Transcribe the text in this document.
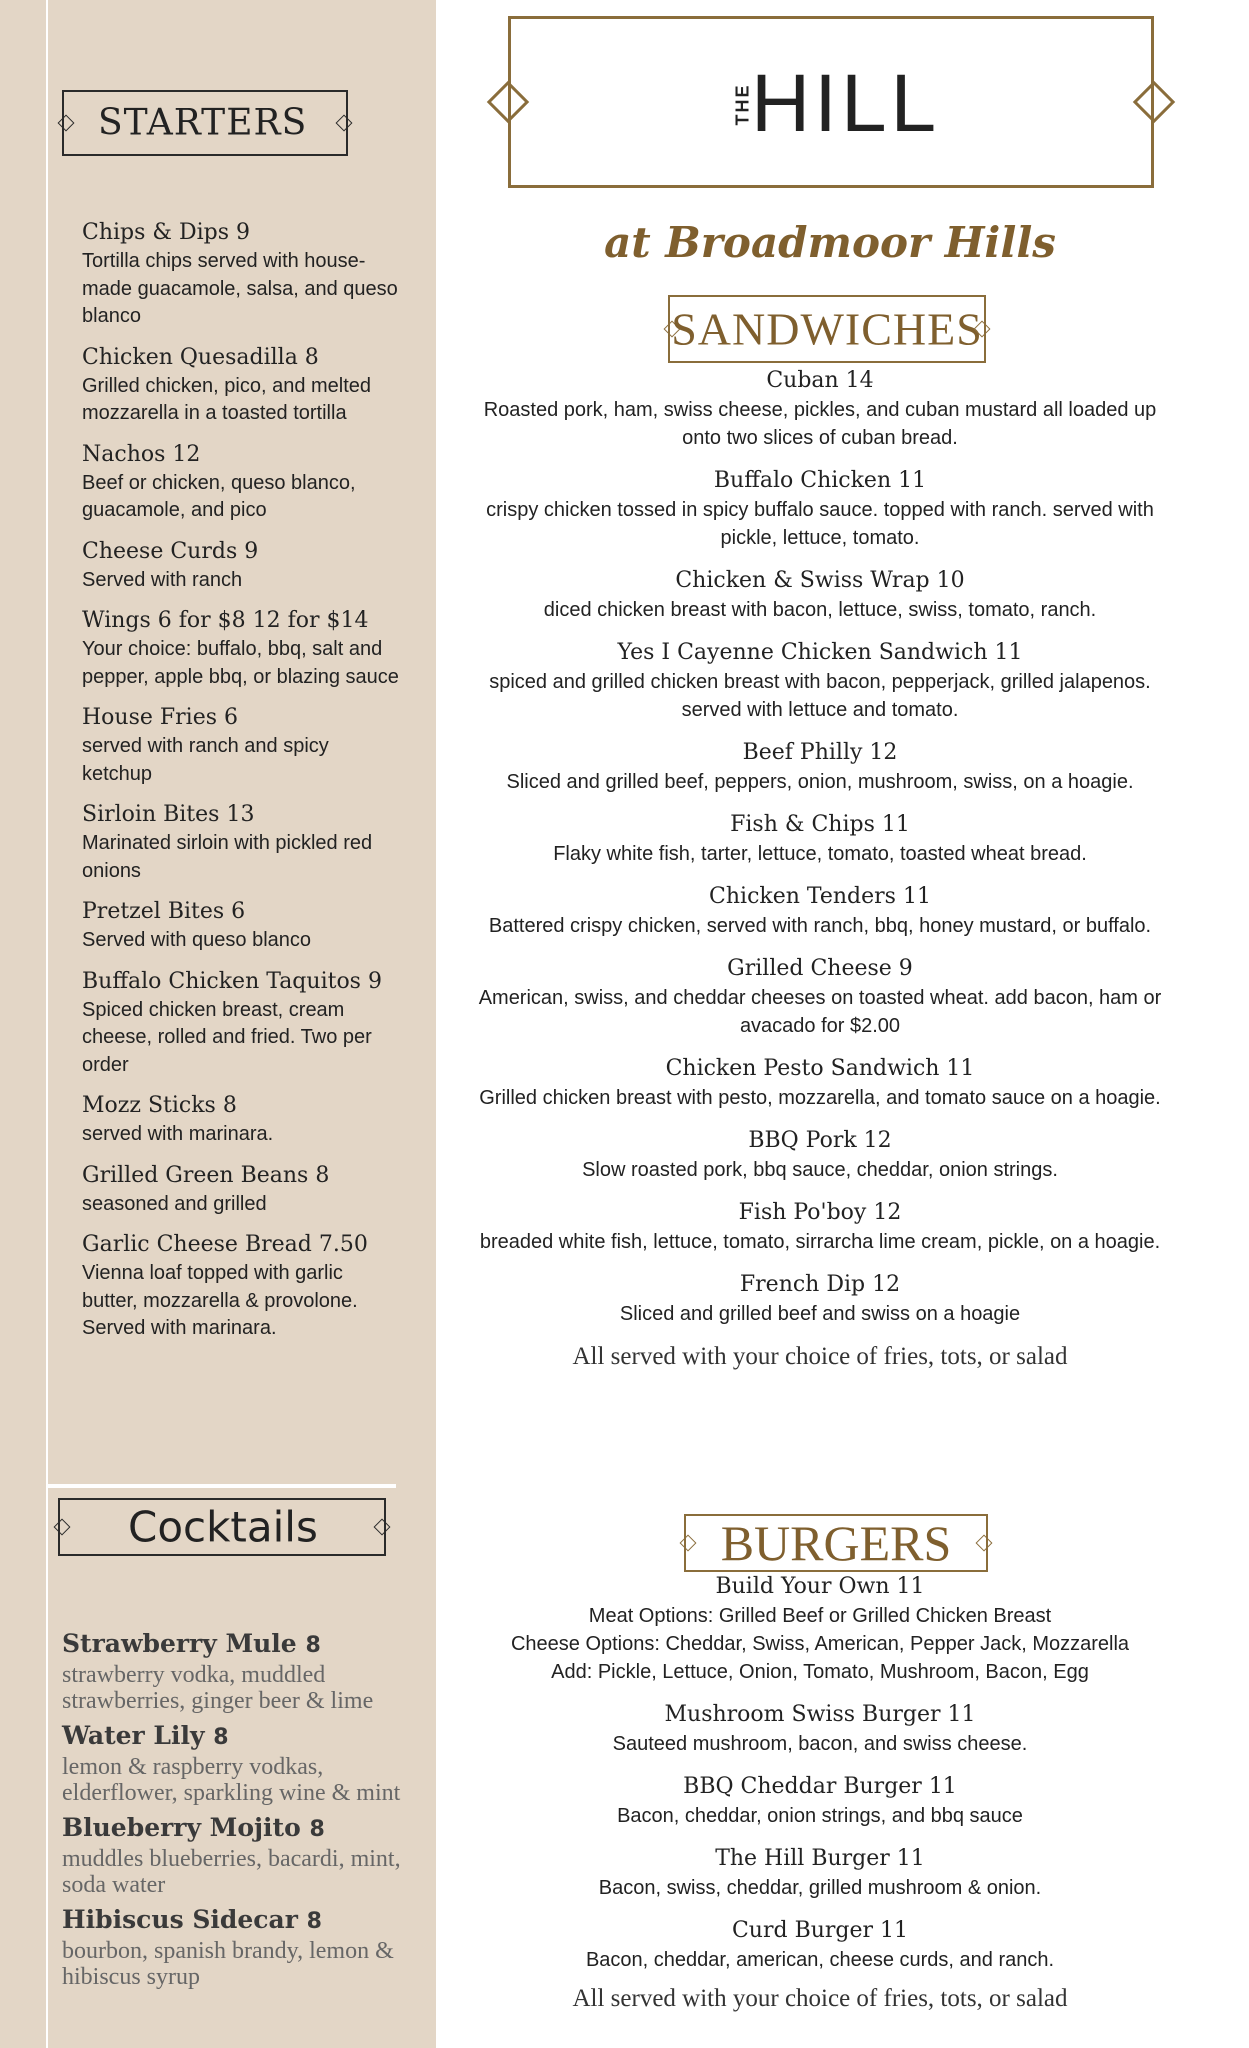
STARTERS
Chips & Dips 9
Tortilla chips served with house-made guacamole, salsa, and queso blanco
Chicken Quesadilla 8
Grilled chicken, pico, and melted mozzarella in a toasted tortilla
Nachos 12
Beef or chicken, queso blanco, guacamole, and pico
Cheese Curds 9
Served with ranch
Wings 6 for $8 12 for $14
Your choice: buffalo, bbq, salt and pepper, apple bbq, or blazing sauce
House Fries 6
served with ranch and spicy ketchup
Sirloin Bites 13
Marinated sirloin with pickled red onions
Pretzel Bites 6
Served with queso blanco
Buffalo Chicken Taquitos 9
Spiced chicken breast, cream cheese, rolled and fried. Two per order
Mozz Sticks 8
served with marinara.
Grilled Green Beans 8
seasoned and grilled
Garlic Cheese Bread 7.50
Vienna loaf topped with garlic butter, mozzarella & provolone. Served with marinara.
Cocktails
Strawberry Mule 8
strawberry vodka, muddled strawberries, ginger beer & lime
Water Lily 8
lemon & raspberry vodkas, elderflower, sparkling wine & mint
Blueberry Mojito 8
muddles blueberries, bacardi, mint, soda water
Hibiscus Sidecar 8
bourbon, spanish brandy, lemon & hibiscus syrup
THE HILL
at Broadmoor Hills
SANDWICHES
Cuban 14
Roasted pork, ham, swiss cheese, pickles, and cuban mustard all loaded up onto two slices of cuban bread.
Buffalo Chicken 11
crispy chicken tossed in spicy buffalo sauce. topped with ranch. served with pickle, lettuce, tomato.
Chicken & Swiss Wrap 10
diced chicken breast with bacon, lettuce, swiss, tomato, ranch.
Yes I Cayenne Chicken Sandwich 11
spiced and grilled chicken breast with bacon, pepperjack, grilled jalapenos. served with lettuce and tomato.
Beef Philly 12
Sliced and grilled beef, peppers, onion, mushroom, swiss, on a hoagie.
Fish & Chips 11
Flaky white fish, tarter, lettuce, tomato, toasted wheat bread.
Chicken Tenders 11
Battered crispy chicken, served with ranch, bbq, honey mustard, or buffalo.
Grilled Cheese 9
American, swiss, and cheddar cheeses on toasted wheat. add bacon, ham or avacado for $2.00
Chicken Pesto Sandwich 11
Grilled chicken breast with pesto, mozzarella, and tomato sauce on a hoagie.
BBQ Pork 12
Slow roasted pork, bbq sauce, cheddar, onion strings.
Fish Po'boy 12
breaded white fish, lettuce, tomato, sirrarcha lime cream, pickle, on a hoagie.
French Dip 12
Sliced and grilled beef and swiss on a hoagie
All served with your choice of fries, tots, or salad
BURGERS
Build Your Own 11
Meat Options: Grilled Beef or Grilled Chicken Breast
Cheese Options: Cheddar, Swiss, American, Pepper Jack, Mozzarella
Add: Pickle, Lettuce, Onion, Tomato, Mushroom, Bacon, Egg
Mushroom Swiss Burger 11
Sauteed mushroom, bacon, and swiss cheese.
BBQ Cheddar Burger 11
Bacon, cheddar, onion strings, and bbq sauce
The Hill Burger 11
Bacon, swiss, cheddar, grilled mushroom & onion.
Curd Burger 11
Bacon, cheddar, american, cheese curds, and ranch.
All served with your choice of fries, tots, or salad
